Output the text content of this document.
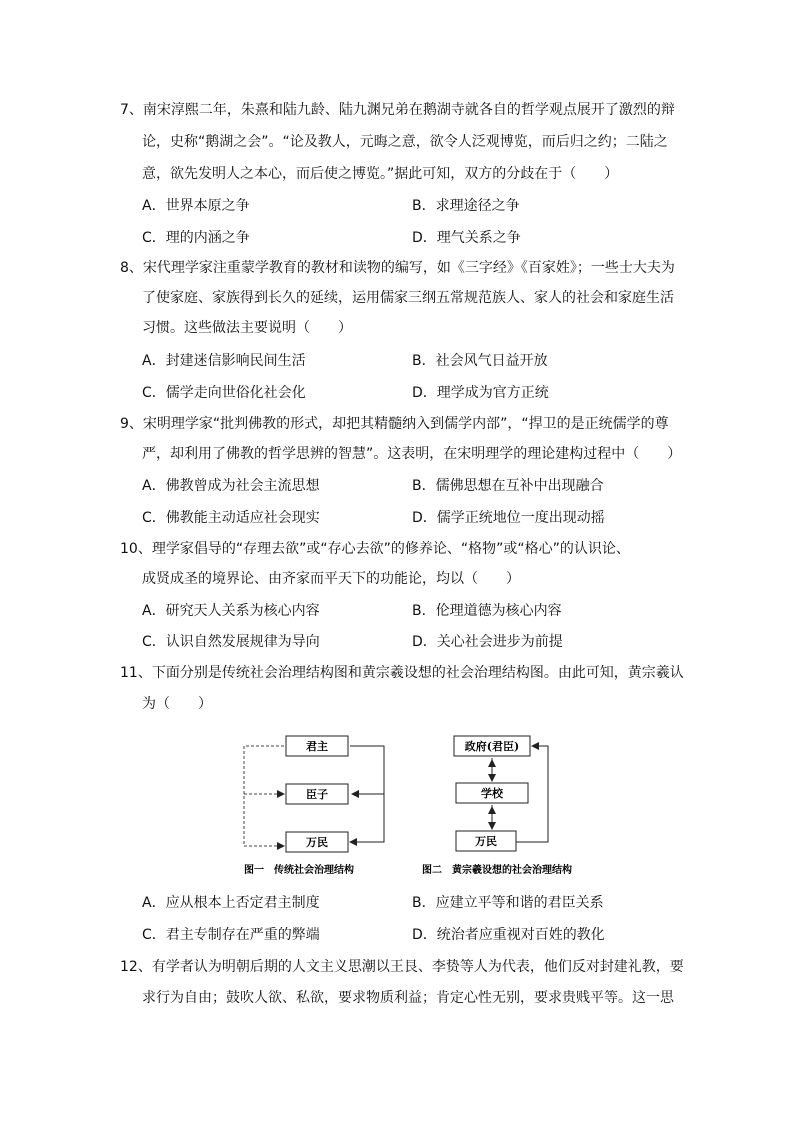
7、南宋淳熙二年，朱熹和陆九龄、陆九渊兄弟在鹅湖寺就各自的哲学观点展开了激烈的辩
论，史称“鹅湖之会”。“论及教人，元晦之意，欲令人泛观博览，而后归之约；二陆之
意，欲先发明人之本心，而后使之博览。”据此可知，双方的分歧在于（　　）
A．世界本原之争	B．求理途径之争
C．理的内涵之争	D．理气关系之争
8、宋代理学家注重蒙学教育的教材和读物的编写，如《三字经》《百家姓》；一些士大夫为
了使家庭、家族得到长久的延续，运用儒家三纲五常规范族人、家人的社会和家庭生活
习惯。这些做法主要说明（　　）
A．封建迷信影响民间生活	B．社会风气日益开放
C．儒学走向世俗化社会化	D．理学成为官方正统
9、宋明理学家“批判佛教的形式，却把其精髓纳入到儒学内部”，“捍卫的是正统儒学的尊
严，却利用了佛教的哲学思辨的智慧”。这表明，在宋明理学的理论建构过程中（　　）
A．佛教曾成为社会主流思想	B．儒佛思想在互补中出现融合
C．佛教能主动适应社会现实	D．儒学正统地位一度出现动摇
10、理学家倡导的“存理去欲”或“存心去欲”的修养论、“格物”或“格心”的认识论、
成贤成圣的境界论、由齐家而平天下的功能论，均以（　　）
A．研究天人关系为核心内容	B．伦理道德为核心内容
C．认识自然发展规律为导向	D．关心社会进步为前提
11、下面分别是传统社会治理结构图和黄宗羲设想的社会治理结构图。由此可知，黄宗羲认
为（　　）
君主
臣子
万民
图一　传统社会治理结构
政府(君臣)
学校
万民
图二　黄宗羲设想的社会治理结构
A．应从根本上否定君主制度	B．应建立平等和谐的君臣关系
C．君主专制存在严重的弊端	D．统治者应重视对百姓的教化
12、有学者认为明朝后期的人文主义思潮以王艮、李贽等人为代表，他们反对封建礼教，要
求行为自由；鼓吹人欲、私欲，要求物质利益；肯定心性无别，要求贵贱平等。这一思
